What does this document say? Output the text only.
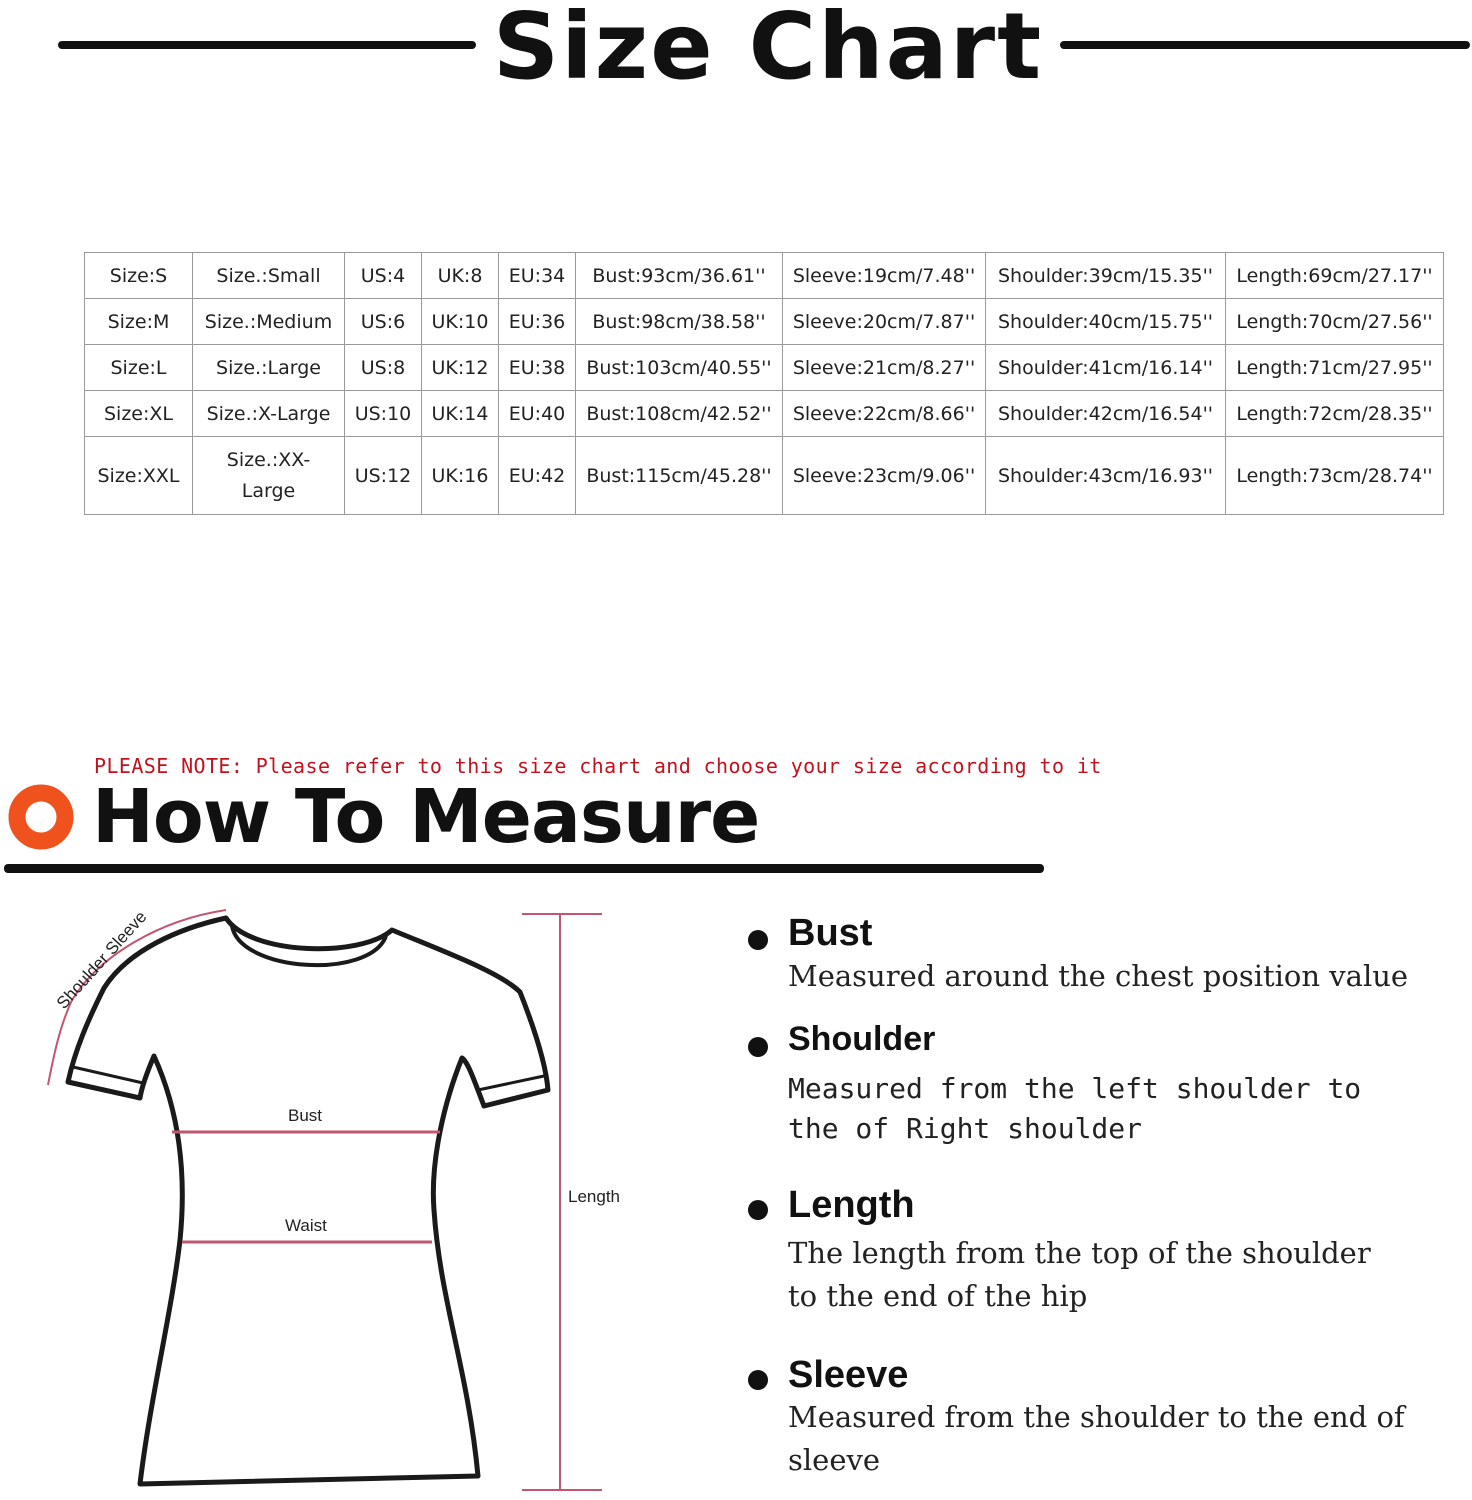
Size Chart
Size:S	Size.:Small	US:4	UK:8	EU:34	Bust:93cm/36.61''	Sleeve:19cm/7.48''	Shoulder:39cm/15.35''	Length:69cm/27.17''
Size:M	Size.:Medium	US:6	UK:10	EU:36	Bust:98cm/38.58''	Sleeve:20cm/7.87''	Shoulder:40cm/15.75''	Length:70cm/27.56''
Size:L	Size.:Large	US:8	UK:12	EU:38	Bust:103cm/40.55''	Sleeve:21cm/8.27''	Shoulder:41cm/16.14''	Length:71cm/27.95''
Size:XL	Size.:X-Large	US:10	UK:14	EU:40	Bust:108cm/42.52''	Sleeve:22cm/8.66''	Shoulder:42cm/16.54''	Length:72cm/28.35''
Size:XXL	Size.:XX-Large	US:12	UK:16	EU:42	Bust:115cm/45.28''	Sleeve:23cm/9.06''	Shoulder:43cm/16.93''	Length:73cm/28.74''
PLEASE NOTE: Please refer to this size chart and choose your size according to it
How To Measure
Shoulder Sleeve
Bust
Waist
Length
Bust
Measured around the chest position value
Shoulder
Measured from the left shoulder to the of Right shoulder
Length
The length from the top of the shoulder to the end of the hip
Sleeve
Measured from the shoulder to the end of sleeve
